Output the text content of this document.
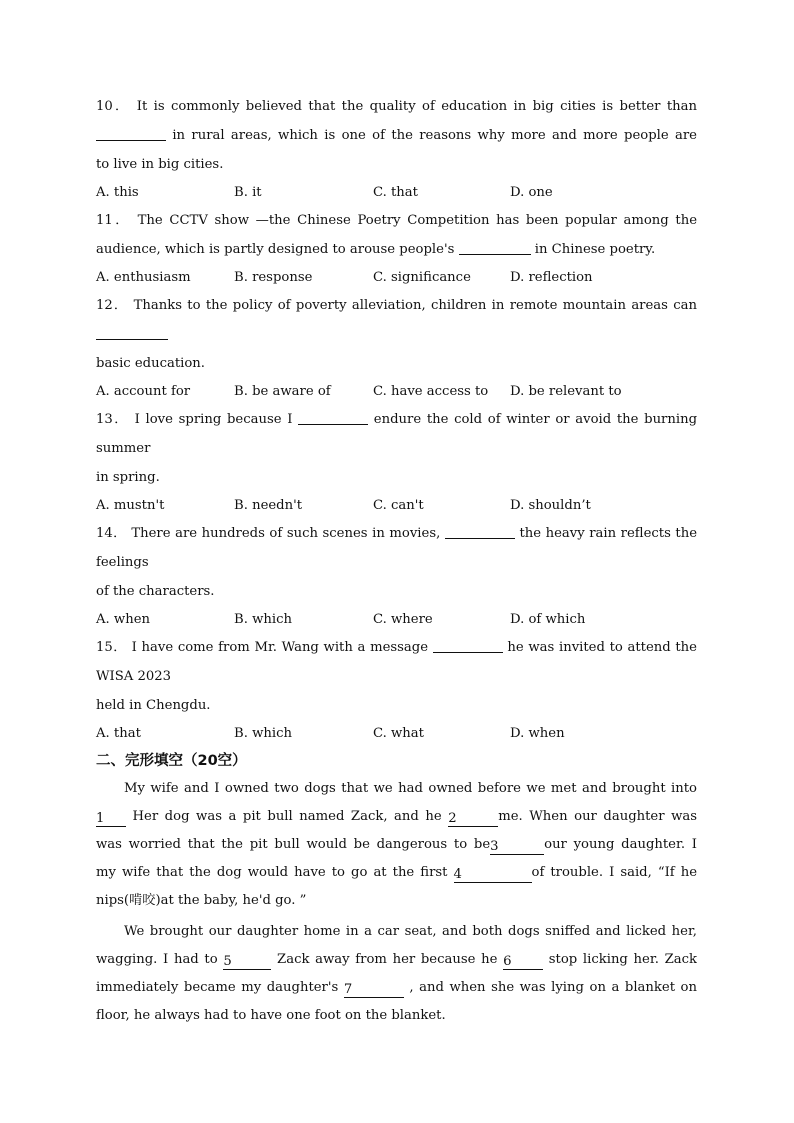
10． It is commonly believed that the quality of education in big cities is better than
in rural areas, which is one of the reasons why more and more people are
to live in big cities.
A. this	B. it	C. that	D. one
11． The CCTV show —the Chinese Poetry Competition has been popular among the
audience, which is partly designed to arouse people's	in Chinese poetry.
A. enthusiasm	B. response	C. significance	D. reflection
12． Thanks to the policy of poverty alleviation, children in remote mountain areas can
basic education.
A. account for	B. be aware of	C. have access to D. be relevant to
13． I love spring because I	endure the cold of winter or avoid the burning
summer
in spring.
A. mustn't	B. needn't	C. can't	D. shouldn’t
14． There are hundreds of such scenes in movies,	the heavy rain reflects the
feelings
of the characters.
A. when	B. which	C. where	D. of which
15． I have come from Mr. Wang with a message	he was invited to attend the
WISA 2023
held in Chengdu.
A. that	B. which	C. what	D. when
二、完形填空（20空）
My wife and I owned two dogs that we had owned before we met and brought into
1 Her dog was a pit bull named Zack, and he 2	me. When our daughter was
was worried that the pit bull would be dangerous to be3	our young daughter. I
my wife that the dog would have to go at the first 4	of trouble. I said, “If he
nips(啃咬)at the baby, he'd go. ”
We brought our daughter home in a car seat, and both dogs sniffed and licked her,
wagging. I had to 5	Zack away from her because he 6	stop licking her. Zack
immediately became my daughter's 7	, and when she was lying on a blanket on
floor, he always had to have one foot on the blanket.
